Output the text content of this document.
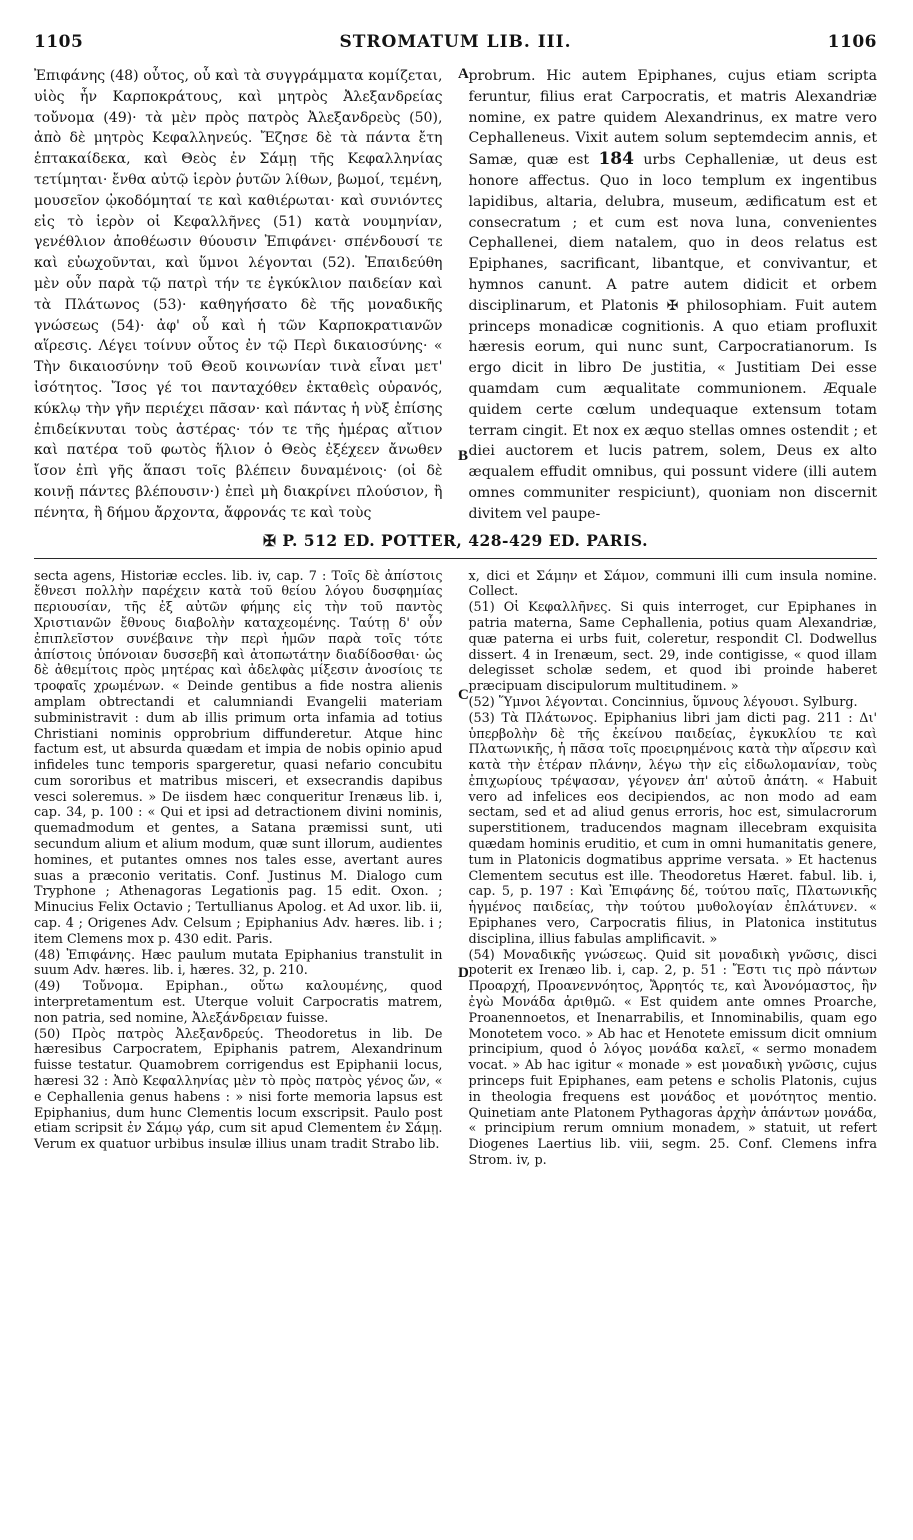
1105	STROMATUM LIB. III.	1106

Ἐπιφάνης (48) οὗτος, οὗ καὶ τὰ συγγράμματα κομίζεται, υἱὸς ἦν Καρποκράτους, καὶ μητρὸς Ἀλεξανδρείας τοὔνομα (49)· τὰ μὲν πρὸς πατρὸς Ἀλεξανδρεὺς (50), ἀπὸ δὲ μητρὸς Κεφαλληνεύς. Ἔζησε δὲ τὰ πάντα ἔτη ἑπτακαίδεκα, καὶ Θεὸς ἐν Σάμῃ τῆς Κεφαλληνίας τετίμηται· ἔνθα αὐτῷ ἱερὸν ῥυτῶν λίθων, βωμοί, τεμένη, μουσεῖον ᾠκοδόμηταί τε καὶ καθιέρωται· καὶ συνιόντες εἰς τὸ ἱερὸν οἱ Κεφαλλῆνες (51) κατὰ νουμηνίαν, γενέθλιον ἀποθέωσιν θύουσιν Ἐπιφάνει· σπένδουσί τε καὶ εὐωχοῦνται, καὶ ὕμνοι λέγονται (52). Ἐπαιδεύθη μὲν οὖν παρὰ τῷ πατρὶ τήν τε ἐγκύκλιον παιδείαν καὶ τὰ Πλάτωνος (53)· καθηγήσατο δὲ τῆς μοναδικῆς γνώσεως (54)· ἀφ' οὗ καὶ ἡ τῶν Καρποκρατιανῶν αἵρεσις. Λέγει τοίνυν οὗτος ἐν τῷ Περὶ δικαιοσύνης· « Τὴν δικαιοσύνην τοῦ Θεοῦ κοινωνίαν τινὰ εἶναι μετ' ἰσότητος. Ἴσος γέ τοι πανταχόθεν ἐκταθεὶς οὐρανός, κύκλῳ τὴν γῆν περιέχει πᾶσαν· καὶ πάντας ἡ νὺξ ἐπίσης ἐπιδείκνυται τοὺς ἀστέρας· τόν τε τῆς ἡμέρας αἴτιον καὶ πατέρα τοῦ φωτὸς ἥλιον ὁ Θεὸς ἐξέχεεν ἄνωθεν ἴσον ἐπὶ γῆς ἅπασι τοῖς βλέπειν δυναμένοις· (οἱ δὲ κοινῇ πάντες βλέπουσιν·) ἐπεὶ μὴ διακρίνει πλούσιον, ἢ πένητα, ἢ δήμου ἄρχοντα, ἄφρονάς τε καὶ τοὺς

probrum. Hic autem Epiphanes, cujus etiam scripta feruntur, filius erat Carpocratis, et matris Alexandriæ nomine, ex patre quidem Alexandrinus, ex matre vero Cephalleneus. Vixit autem solum septemdecim annis, et Samæ, quæ est 184 urbs Cephalleniæ, ut deus est honore affectus. Quo in loco templum ex ingentibus lapidibus, altaria, delubra, museum, ædificatum est et consecratum ; et cum est nova luna, convenientes Cephallenei, diem natalem, quo in deos relatus est Epiphanes, sacrificant, libantque, et convivantur, et hymnos canunt. A patre autem didicit et orbem disciplinarum, et Platonis ✠ philosophiam. Fuit autem princeps monadicæ cognitionis. A quo etiam profluxit hæresis eorum, qui nunc sunt, Carpocratianorum. Is ergo dicit in libro De justitia, « Justitiam Dei esse quamdam cum æqualitate communionem. Æquale quidem certe cœlum undequaque extensum totam terram cingit. Et nox ex æquo stellas omnes ostendit ; et diei auctorem et lucis patrem, solem, Deus ex alto æqualem effudit omnibus, qui possunt videre (illi autem omnes communiter respiciunt), quoniam non discernit divitem vel paupe-

A
B
✠ P. 512 ED. POTTER, 428-429 ED. PARIS.

secta agens, Historiæ eccles. lib. iv, cap. 7 : Τοῖς δὲ ἀπίστοις ἔθνεσι πολλὴν παρέχειν κατὰ τοῦ θείου λόγου δυσφημίας περιουσίαν, τῆς ἐξ αὐτῶν φήμης εἰς τὴν τοῦ παντὸς Χριστιανῶν ἔθνους διαβολὴν καταχεομένης. Ταύτῃ δ' οὖν ἐπιπλεῖστον συνέβαινε τὴν περὶ ἡμῶν παρὰ τοῖς τότε ἀπίστοις ὑπόνοιαν δυσσεβῆ καὶ ἀτοπωτάτην διαδίδοσθαι· ὡς δὲ ἀθεμίτοις πρὸς μητέρας καὶ ἀδελφὰς μίξεσιν ἀνοσίοις τε τροφαῖς χρωμένων. « Deinde gentibus a fide nostra alienis amplam obtrectandi et calumniandi Evangelii materiam subministravit : dum ab illis primum orta infamia ad totius Christiani nominis opprobrium diffunderetur. Atque hinc factum est, ut absurda quædam et impia de nobis opinio apud infideles tunc temporis spargeretur, quasi nefario concubitu cum sororibus et matribus misceri, et exsecrandis dapibus vesci soleremus. » De iisdem hæc conqueritur Irenæus lib. i, cap. 34, p. 100 : « Qui et ipsi ad detractionem divini nominis, quemadmodum et gentes, a Satana præmissi sunt, uti secundum alium et alium modum, quæ sunt illorum, audientes homines, et putantes omnes nos tales esse, avertant aures suas a præconio veritatis. Conf. Justinus M. Dialogo cum Tryphone ; Athenagoras Legationis pag. 15 edit. Oxon. ; Minucius Felix Octavio ; Tertullianus Apolog. et Ad uxor. lib. ii, cap. 4 ; Origenes Adv. Celsum ; Epiphanius Adv. hæres. lib. i ; item Clemens mox p. 430 edit. Paris.

(48) Ἐπιφάνης. Hæc paulum mutata Epiphanius transtulit in suum Adv. hæres. lib. i, hæres. 32, p. 210.

(49) Τοὔνομα. Epiphan., οὕτω καλουμένης, quod interpretamentum est. Uterque voluit Carpocratis matrem, non patria, sed nomine, Ἀλεξάνδρειαν fuisse.

(50) Πρὸς πατρὸς Ἀλεξανδρεύς. Theodoretus in lib. De hæresibus Carpocratem, Epiphanis patrem, Alexandrinum fuisse testatur. Quamobrem corrigendus est Epiphanii locus, hæresi 32 : Ἀπὸ Κεφαλληνίας μὲν τὸ πρὸς πατρὸς γένος ὤν, « e Cephallenia genus habens : » nisi forte memoria lapsus est Epiphanius, dum hunc Clementis locum exscripsit. Paulo post etiam scripsit ἐν Σάμῳ γάρ, cum sit apud Clementem ἐν Σάμῃ. Verum ex quatuor urbibus insulæ illius unam tradit Strabo lib.

x, dici et Σάμην et Σάμον, communi illi cum insula nomine. Collect.

(51) Οἱ Κεφαλλῆνες. Si quis interroget, cur Epiphanes in patria materna, Same Cephallenia, potius quam Alexandriæ, quæ paterna ei urbs fuit, coleretur, respondit Cl. Dodwellus dissert. 4 in Irenæum, sect. 29, inde contigisse, « quod illam delegisset scholæ sedem, et quod ibi proinde haberet præcipuam discipulorum multitudinem. »

(52) Ὕμνοι λέγονται. Concinnius, ὕμνους λέγουσι. Sylburg.

(53) Τὰ Πλάτωνος. Epiphanius libri jam dicti pag. 211 : Δι' ὑπερβολὴν δὲ τῆς ἐκείνου παιδείας, ἐγκυκλίου τε καὶ Πλατωνικῆς, ἡ πᾶσα τοῖς προειρημένοις κατὰ τὴν αἵρεσιν καὶ κατὰ τὴν ἑτέραν πλάνην, λέγω τὴν εἰς εἰδωλομανίαν, τοὺς ἐπιχωρίους τρέψασαν, γέγονεν ἀπ' αὐτοῦ ἀπάτη. « Habuit vero ad infelices eos decipiendos, ac non modo ad eam sectam, sed et ad aliud genus erroris, hoc est, simulacrorum superstitionem, traducendos magnam illecebram exquisita quædam hominis eruditio, et cum in omni humanitatis genere, tum in Platonicis dogmatibus apprime versata. » Et hactenus Clementem secutus est ille. Theodoretus Hæret. fabul. lib. i, cap. 5, p. 197 : Καὶ Ἐπιφάνης δέ, τούτου παῖς, Πλατωνικῆς ἡγμένος παιδείας, τὴν τούτου μυθολογίαν ἐπλάτυνεν. « Epiphanes vero, Carpocratis filius, in Platonica institutus disciplina, illius fabulas amplificavit. »

(54) Μοναδικῆς γνώσεως. Quid sit μοναδικὴ γνῶσις, disci poterit ex Irenæo lib. i, cap. 2, p. 51 : Ἔστι τις πρὸ πάντων Προαρχή, Προανεννόητος, Ἄρρητός τε, καὶ Ἀνονόμαστος, ἣν ἐγὼ Μονάδα ἀριθμῶ. « Est quidem ante omnes Proarche, Proanennoetos, et Inenarrabilis, et Innominabilis, quam ego Monotetem voco. » Ab hac et Henotete emissum dicit omnium principium, quod ὁ λόγος μονάδα καλεῖ, « sermo monadem vocat. » Ab hac igitur « monade » est μοναδικὴ γνῶσις, cujus princeps fuit Epiphanes, eam petens e scholis Platonis, cujus in theologia frequens est μονάδος et μονότητος mentio. Quinetiam ante Platonem Pythagoras ἀρχὴν ἁπάντων μονάδα, « principium rerum omnium monadem, » statuit, ut refert Diogenes Laertius lib. viii, segm. 25. Conf. Clemens infra Strom. iv, p.

C
D
